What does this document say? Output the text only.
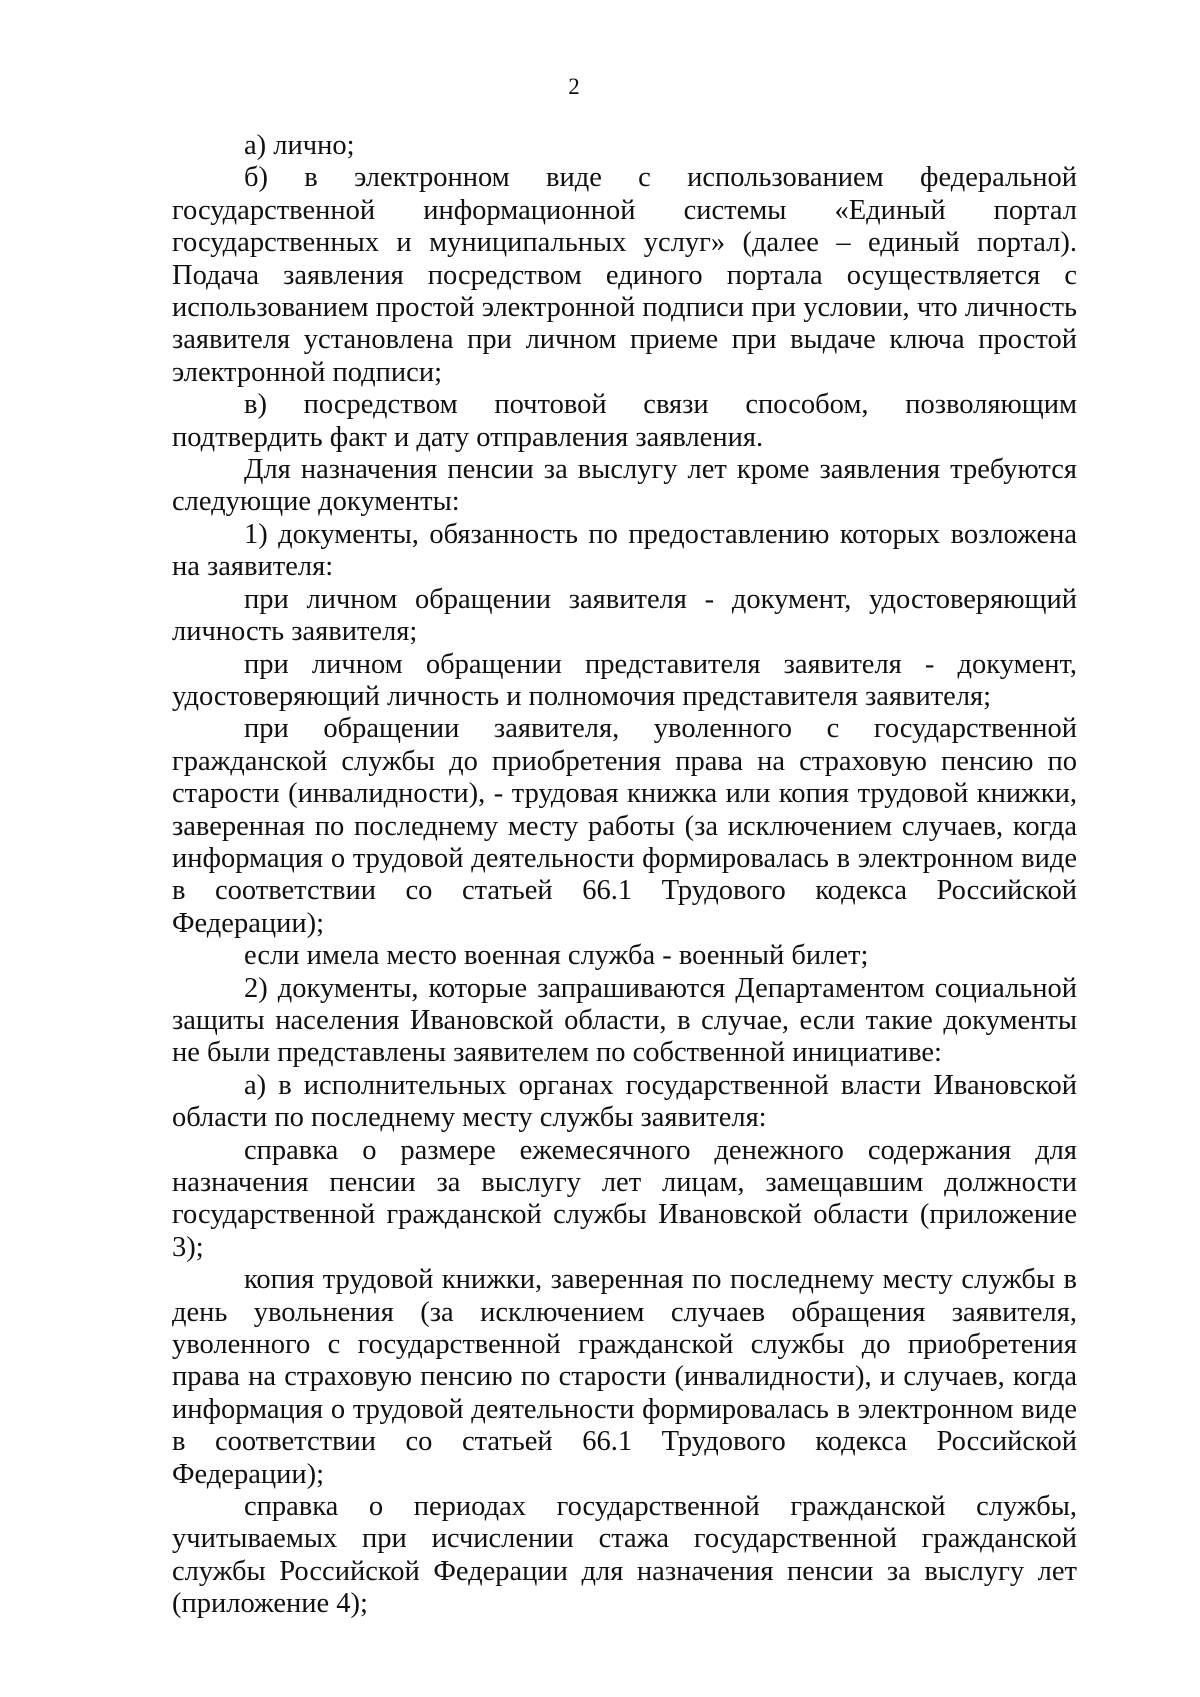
2

а) лично;

б) в электронном виде с использованием федеральной государственной информационной системы «Единый портал государственных и муниципальных услуг» (далее – единый портал). Подача заявления посредством единого портала осуществляется с использованием простой электронной подписи при условии, что личность заявителя установлена при личном приеме при выдаче ключа простой электронной подписи;

в) посредством почтовой связи способом, позволяющим подтвердить факт и дату отправления заявления.

Для назначения пенсии за выслугу лет кроме заявления требуются следующие документы:

1) документы, обязанность по предоставлению которых возложена на заявителя:

при личном обращении заявителя - документ, удостоверяющий личность заявителя;

при личном обращении представителя заявителя - документ, удостоверяющий личность и полномочия представителя заявителя;

при обращении заявителя, уволенного с государственной гражданской службы до приобретения права на страховую пенсию по старости (инвалидности), - трудовая книжка или копия трудовой книжки, заверенная по последнему месту работы (за исключением случаев, когда информация о трудовой деятельности формировалась в электронном виде в соответствии со статьей 66.1 Трудового кодекса Российской Федерации);

если имела место военная служба - военный билет;

2) документы, которые запрашиваются Департаментом социальной защиты населения Ивановской области, в случае, если такие документы не были представлены заявителем по собственной инициативе:

а) в исполнительных органах государственной власти Ивановской области по последнему месту службы заявителя:

справка о размере ежемесячного денежного содержания для назначения пенсии за выслугу лет лицам, замещавшим должности государственной гражданской службы Ивановской области (приложение 3);

копия трудовой книжки, заверенная по последнему месту службы в день увольнения (за исключением случаев обращения заявителя, уволенного с государственной гражданской службы до приобретения права на страховую пенсию по старости (инвалидности), и случаев, когда информация о трудовой деятельности формировалась в электронном виде в соответствии со статьей 66.1 Трудового кодекса Российской Федерации);

справка о периодах государственной гражданской службы, учитываемых при исчислении стажа государственной гражданской службы Российской Федерации для назначения пенсии за выслугу лет (приложение 4);
